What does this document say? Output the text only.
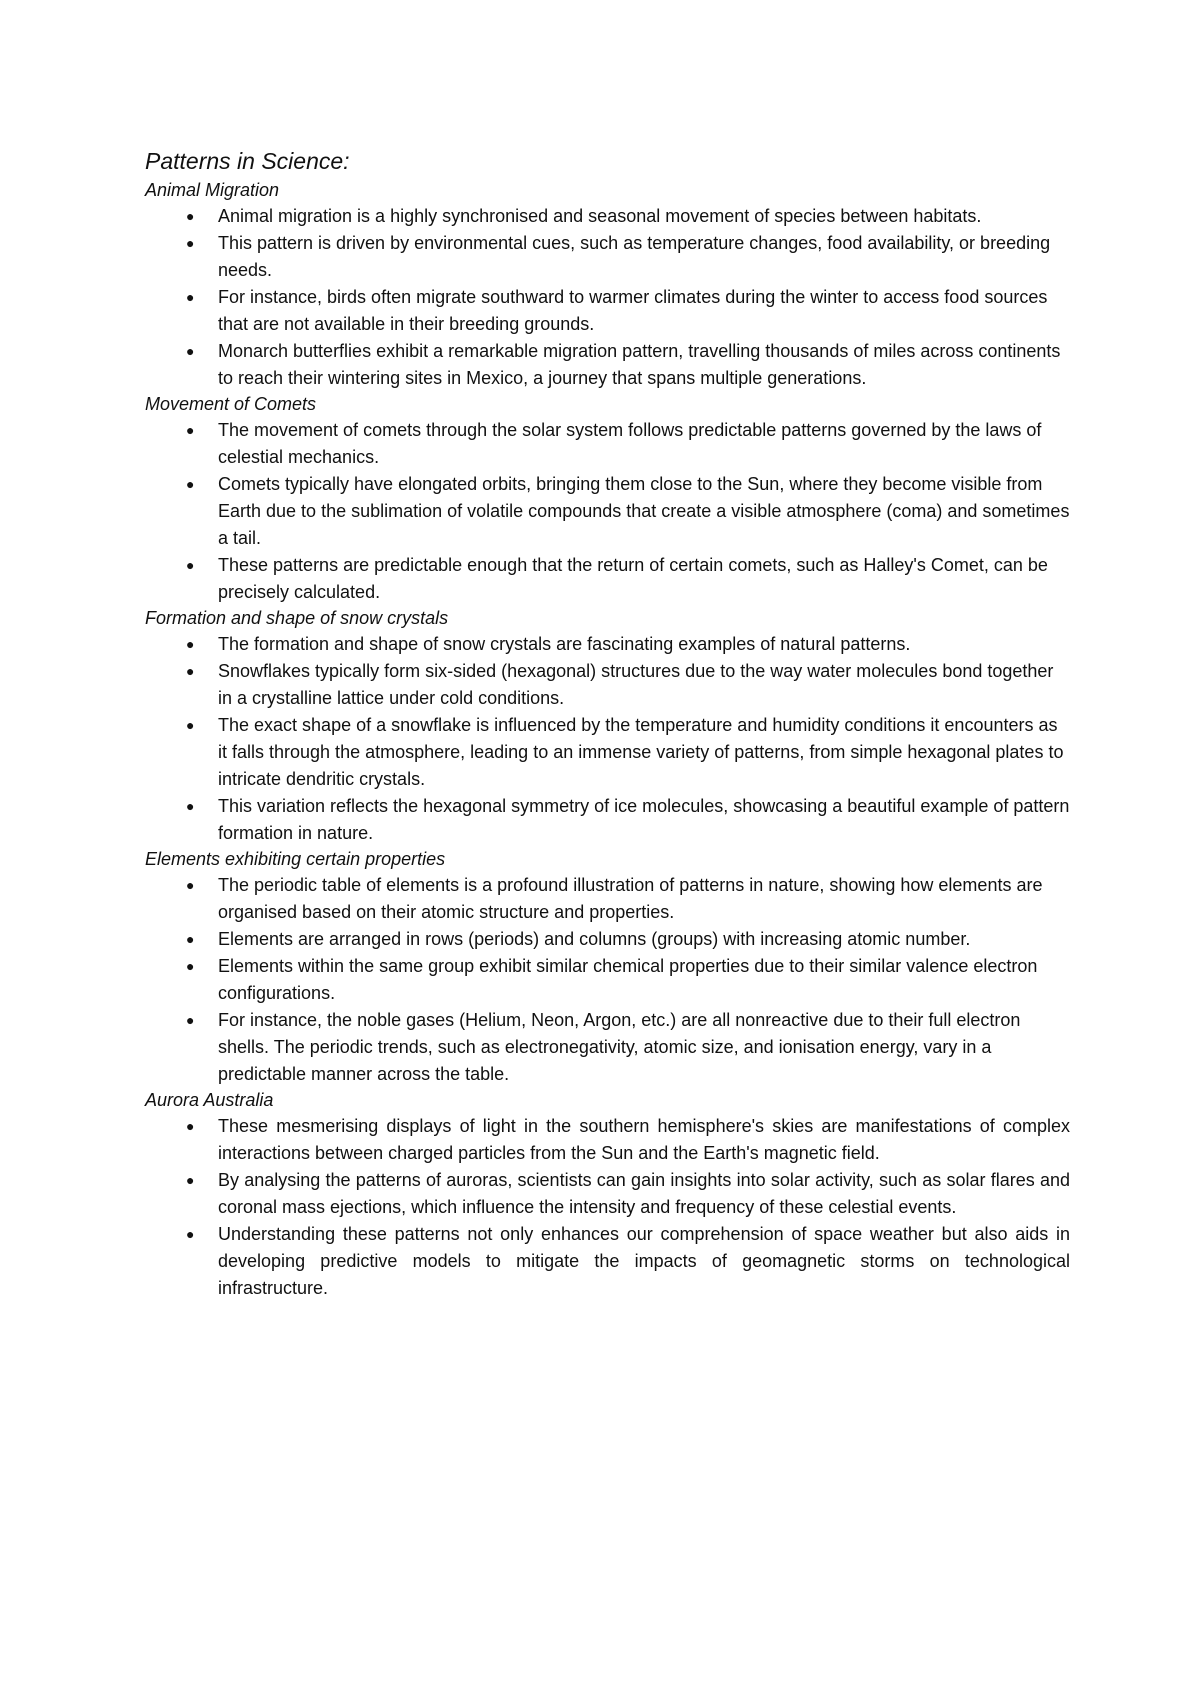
Patterns in Science:
Animal Migration
● Animal migration is a highly synchronised and seasonal movement of species between habitats.
● This pattern is driven by environmental cues, such as temperature changes, food availability, or breeding needs.
● For instance, birds often migrate southward to warmer climates during the winter to access food sources that are not available in their breeding grounds.
● Monarch butterflies exhibit a remarkable migration pattern, travelling thousands of miles across continents to reach their wintering sites in Mexico, a journey that spans multiple generations.
Movement of Comets
● The movement of comets through the solar system follows predictable patterns governed by the laws of celestial mechanics.
● Comets typically have elongated orbits, bringing them close to the Sun, where they become visible from Earth due to the sublimation of volatile compounds that create a visible atmosphere (coma) and sometimes a tail.
● These patterns are predictable enough that the return of certain comets, such as Halley's Comet, can be precisely calculated.
Formation and shape of snow crystals
● The formation and shape of snow crystals are fascinating examples of natural patterns.
● Snowflakes typically form six-sided (hexagonal) structures due to the way water molecules bond together in a crystalline lattice under cold conditions.
● The exact shape of a snowflake is influenced by the temperature and humidity conditions it encounters as it falls through the atmosphere, leading to an immense variety of patterns, from simple hexagonal plates to intricate dendritic crystals.
● This variation reflects the hexagonal symmetry of ice molecules, showcasing a beautiful example of pattern formation in nature.
Elements exhibiting certain properties
● The periodic table of elements is a profound illustration of patterns in nature, showing how elements are organised based on their atomic structure and properties.
● Elements are arranged in rows (periods) and columns (groups) with increasing atomic number.
● Elements within the same group exhibit similar chemical properties due to their similar valence electron configurations.
● For instance, the noble gases (Helium, Neon, Argon, etc.) are all nonreactive due to their full electron shells. The periodic trends, such as electronegativity, atomic size, and ionisation energy, vary in a predictable manner across the table.
Aurora Australia
● These mesmerising displays of light in the southern hemisphere's skies are manifestations of complex interactions between charged particles from the Sun and the Earth's magnetic field.
● By analysing the patterns of auroras, scientists can gain insights into solar activity, such as solar flares and coronal mass ejections, which influence the intensity and frequency of these celestial events.
● Understanding these patterns not only enhances our comprehension of space weather but also aids in developing predictive models to mitigate the impacts of geomagnetic storms on technological infrastructure.
